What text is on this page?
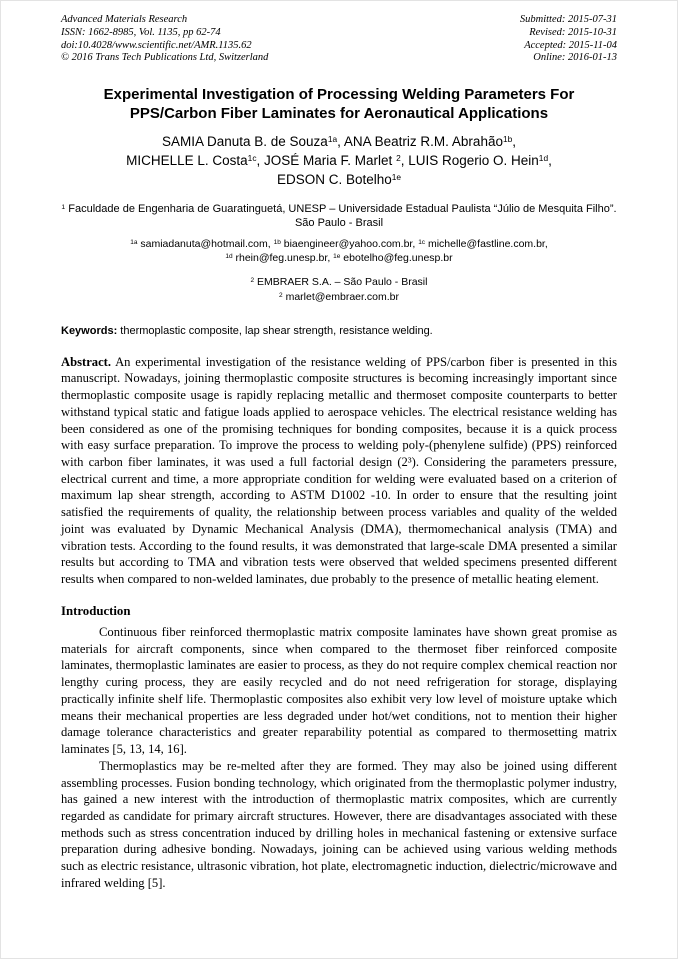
Advanced Materials Research
ISSN: 1662-8985, Vol. 1135, pp 62-74
doi:10.4028/www.scientific.net/AMR.1135.62
© 2016 Trans Tech Publications Ltd, Switzerland
Submitted: 2015-07-31
Revised: 2015-10-31
Accepted: 2015-11-04
Online: 2016-01-13
Experimental Investigation of Processing Welding Parameters For PPS/Carbon Fiber Laminates for Aeronautical Applications
SAMIA Danuta B. de Souza$^{1a}$, ANA Beatriz R.M. Abrahão$^{1b}$,
MICHELLE L. Costa$^{1c}$, JOSÉ Maria F. Marlet $^2$, LUIS Rogerio O. Hein$^{1d}$,
EDSON C. Botelho$^{1e}$
$^1$ Faculdade de Engenharia de Guaratinguetá, UNESP – Universidade Estadual Paulista “Júlio de Mesquita Filho”. São Paulo - Brasil
$^{1a}$ samiadanuta@hotmail.com, $^{1b}$ biaengineer@yahoo.com.br, $^{1c}$ michelle@fastline.com.br,
$^{1d}$ rhein@feg.unesp.br, $^{1e}$ ebotelho@feg.unesp.br
$^2$ EMBRAER S.A. – São Paulo - Brasil
$^2$ marlet@embraer.com.br
Keywords: thermoplastic composite, lap shear strength, resistance welding.
Abstract. An experimental investigation of the resistance welding of PPS/carbon fiber is presented in this manuscript. Nowadays, joining thermoplastic composite structures is becoming increasingly important since thermoplastic composite usage is rapidly replacing metallic and thermoset composite counterparts to better withstand typical static and fatigue loads applied to aerospace vehicles. The electrical resistance welding has been considered as one of the promising techniques for bonding composites, because it is a quick process with easy surface preparation. To improve the process to welding poly-(phenylene sulfide) (PPS) reinforced with carbon fiber laminates, it was used a full factorial design (2³). Considering the parameters pressure, electrical current and time, a more appropriate condition for welding were evaluated based on a criterion of maximum lap shear strength, according to ASTM D1002 -10. In order to ensure that the resulting joint satisfied the requirements of quality, the relationship between process variables and quality of the welded joint was evaluated by Dynamic Mechanical Analysis (DMA), thermomechanical analysis (TMA) and vibration tests. According to the found results, it was demonstrated that large-scale DMA presented a similar results but according to TMA and vibration tests were observed that welded specimens presented different results when compared to non-welded laminates, due probably to the presence of metallic heating element.
Introduction

Continuous fiber reinforced thermoplastic matrix composite laminates have shown great promise as materials for aircraft components, since when compared to the thermoset fiber reinforced composite laminates, thermoplastic laminates are easier to process, as they do not require complex chemical reaction nor lengthy curing process, they are easily recycled and do not need refrigeration for storage, displaying practically infinite shelf life. Thermoplastic composites also exhibit very low level of moisture uptake which means their mechanical properties are less degraded under hot/wet conditions, not to mention their higher damage tolerance characteristics and greater reparability potential as compared to thermosetting matrix laminates [5, 13, 14, 16].

Thermoplastics may be re-melted after they are formed. They may also be joined using different assembling processes. Fusion bonding technology, which originated from the thermoplastic polymer industry, has gained a new interest with the introduction of thermoplastic matrix composites, which are currently regarded as candidate for primary aircraft structures. However, there are disadvantages associated with these methods such as stress concentration induced by drilling holes in mechanical fastening or extensive surface preparation during adhesive bonding. Nowadays, joining can be achieved using various welding methods such as electric resistance, ultrasonic vibration, hot plate, electromagnetic induction, dielectric/microwave and infrared welding [5].
